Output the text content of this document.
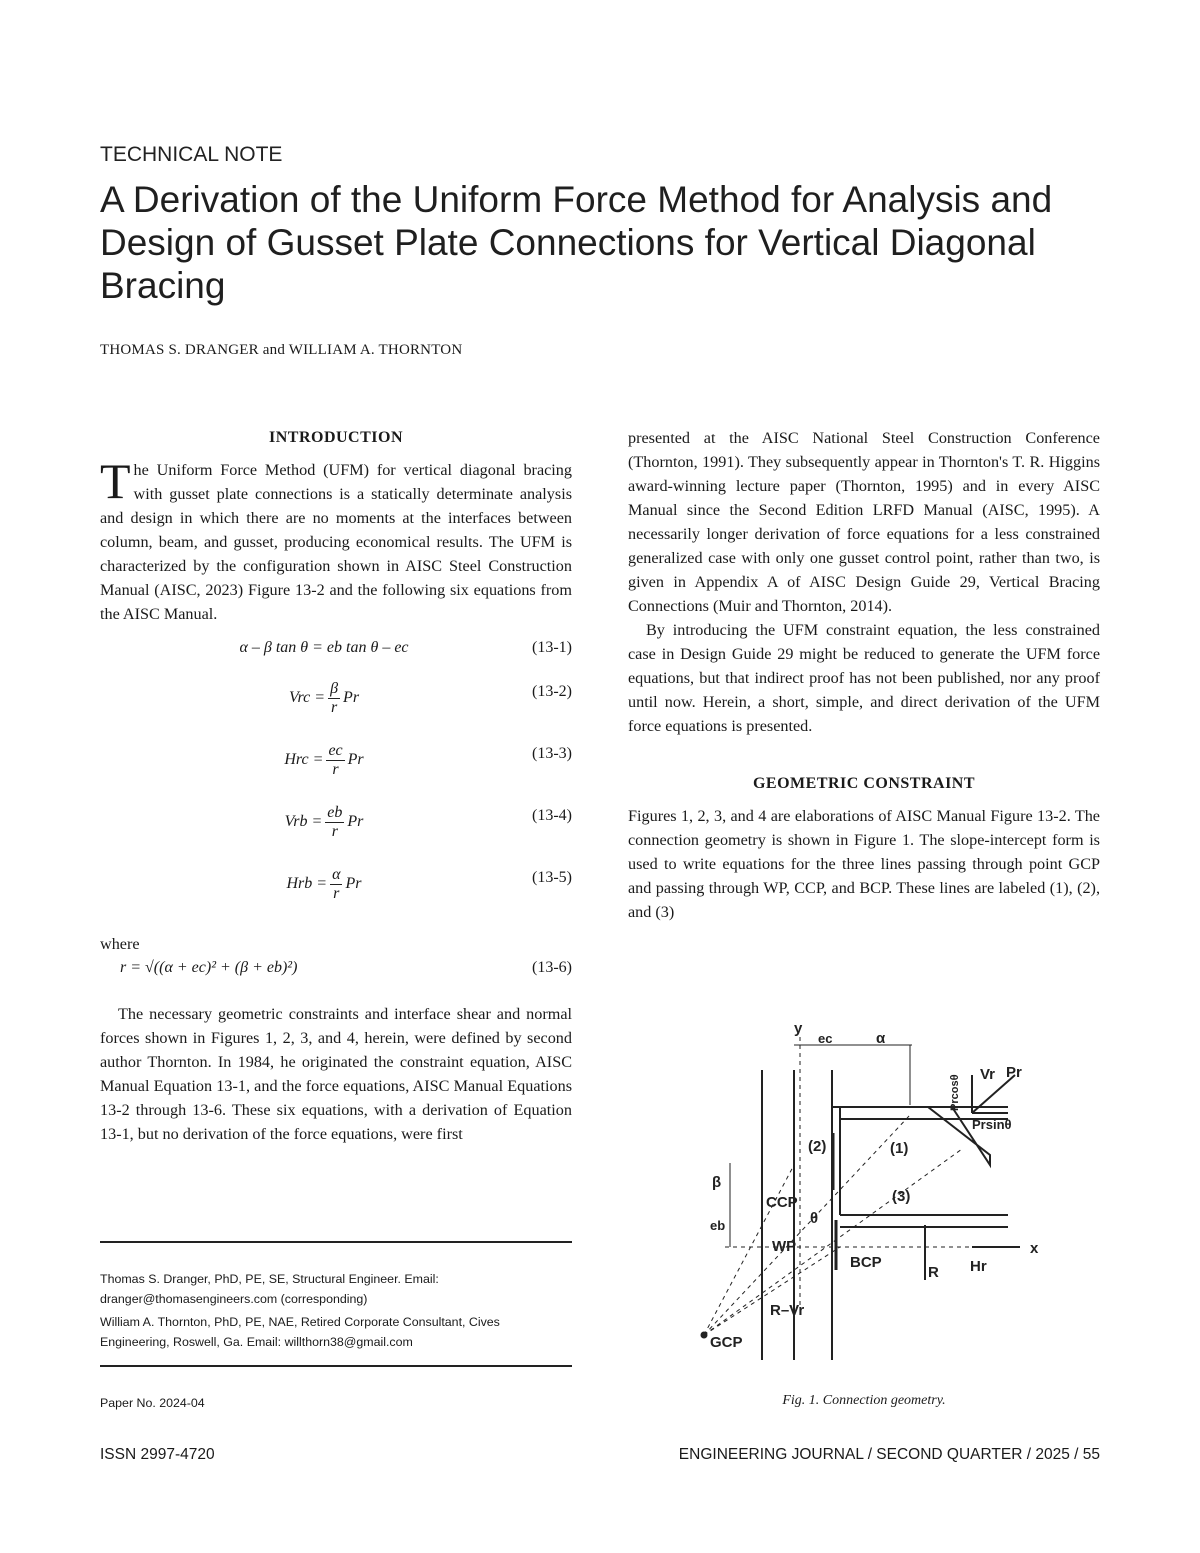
TECHNICAL NOTE
A Derivation of the Uniform Force Method for Analysis and Design of Gusset Plate Connections for Vertical Diagonal Bracing
THOMAS S. DRANGER and WILLIAM A. THORNTON
INTRODUCTION

The Uniform Force Method (UFM) for vertical diagonal bracing with gusset plate connections is a statically determinate analysis and design in which there are no moments at the interfaces between column, beam, and gusset, producing economical results. The UFM is characterized by the configuration shown in AISC Steel Construction Manual (AISC, 2023) Figure 13-2 and the following six equations from the AISC Manual.

α – β tan θ = eb tan θ – ec	(13-1)
Vrc = $\frac{\beta}{r}$ Pr	(13-2)
Hrc = $\frac{ec}{r}$ Pr	(13-3)
Vrb = $\frac{eb}{r}$ Pr	(13-4)
Hrb = $\frac{\alpha}{r}$ Pr	(13-5)

where

r = √((α + ec)² + (β + eb)²)	(13-6)

The necessary geometric constraints and interface shear and normal forces shown in Figures 1, 2, 3, and 4, herein, were defined by second author Thornton. In 1984, he originated the constraint equation, AISC Manual Equation 13-1, and the force equations, AISC Manual Equations 13-2 through 13-6. These six equations, with a derivation of Equation 13-1, but no derivation of the force equations, were first

Thomas S. Dranger, PhD, PE, SE, Structural Engineer. Email: dranger@thomasengineers.com (corresponding)
William A. Thornton, PhD, PE, NAE, Retired Corporate Consultant, Cives Engineering, Roswell, Ga. Email: willthorn38@gmail.com
Paper No. 2024-04

presented at the AISC National Steel Construction Conference (Thornton, 1991). They subsequently appear in Thornton's T. R. Higgins award-winning lecture paper (Thornton, 1995) and in every AISC Manual since the Second Edition LRFD Manual (AISC, 1995). A necessarily longer derivation of force equations for a less constrained generalized case with only one gusset control point, rather than two, is given in Appendix A of AISC Design Guide 29, Vertical Bracing Connections (Muir and Thornton, 2014).

By introducing the UFM constraint equation, the less constrained case in Design Guide 29 might be reduced to generate the UFM force equations, but that indirect proof has not been published, nor any proof until now. Herein, a short, simple, and direct derivation of the UFM force equations is presented.

GEOMETRIC CONSTRAINT

Figures 1, 2, 3, and 4 are elaborations of AISC Manual Figure 13-2. The connection geometry is shown in Figure 1. The slope-intercept form is used to write equations for the three lines passing through point GCP and passing through WP, CCP, and BCP. These lines are labeled (1), (2), and (3)

y
x
ec	α
β
eb	θ
(1)
(2)
(3)
CCP
WP
BCP
GCP
R Hr
Vr Pr
R–Vr
Prcosθ
Prsinθ
Fig. 1. Connection geometry.
ISSN 2997-4720	ENGINEERING JOURNAL / SECOND QUARTER / 2025 / 55
